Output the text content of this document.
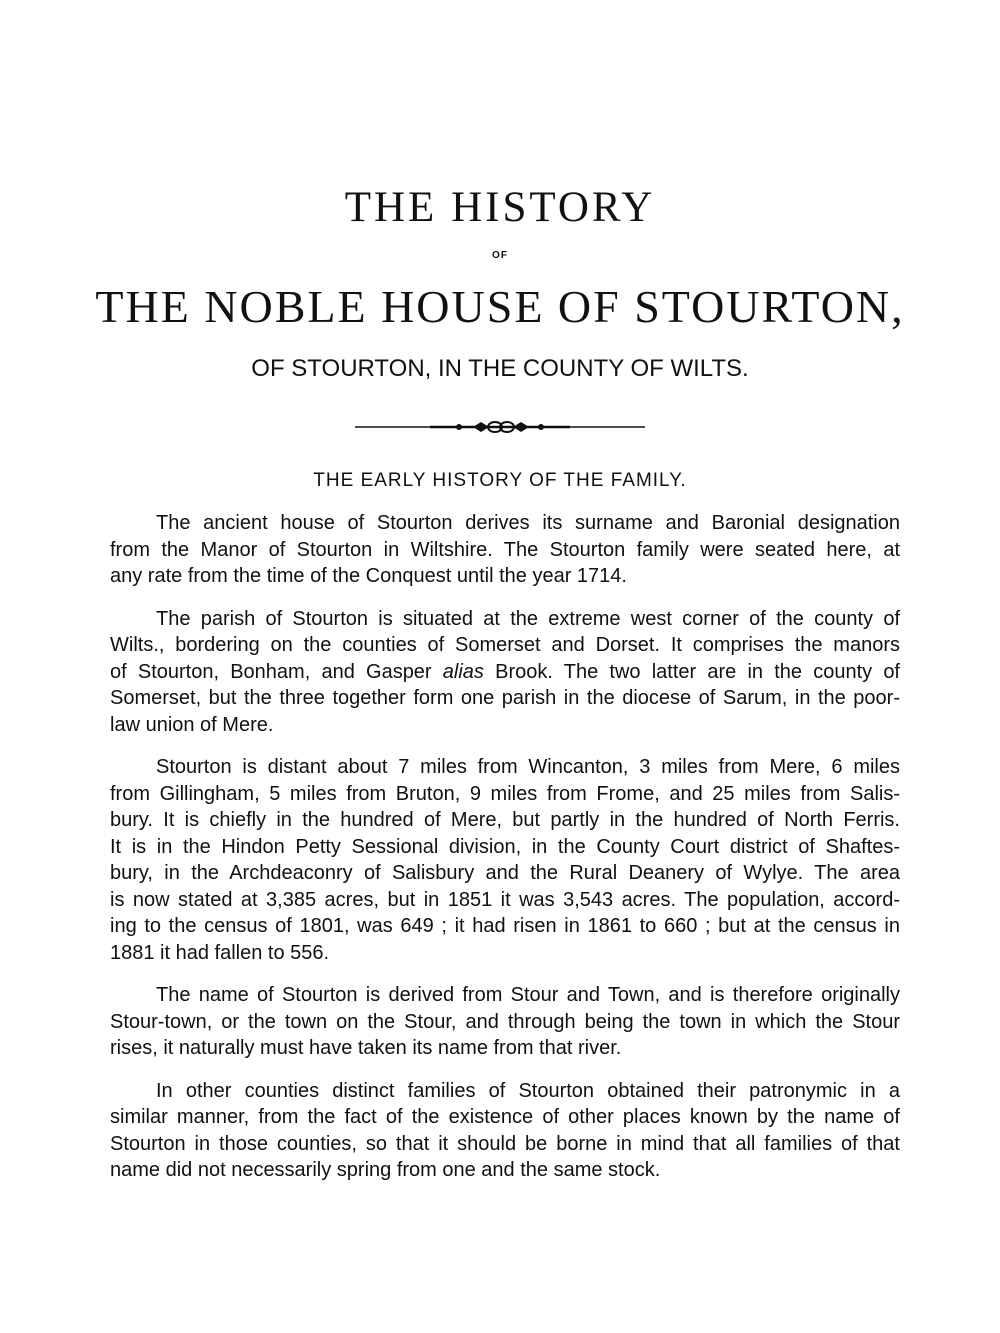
THE HISTORY
OF
THE NOBLE HOUSE OF STOURTON,
OF STOURTON, IN THE COUNTY OF WILTS.
THE EARLY HISTORY OF THE FAMILY.

The ancient house of Stourton derives its surname and Baronial designation
from the Manor of Stourton in Wiltshire. The Stourton family were seated here, at
any rate from the time of the Conquest until the year 1714.

The parish of Stourton is situated at the extreme west corner of the county of
Wilts., bordering on the counties of Somerset and Dorset. It comprises the manors
of Stourton, Bonham, and Gasper alias Brook. The two latter are in the county of
Somerset, but the three together form one parish in the diocese of Sarum, in the poor-
law union of Mere.

Stourton is distant about 7 miles from Wincanton, 3 miles from Mere, 6 miles
from Gillingham, 5 miles from Bruton, 9 miles from Frome, and 25 miles from Salis-
bury. It is chiefly in the hundred of Mere, but partly in the hundred of North Ferris.
It is in the Hindon Petty Sessional division, in the County Court district of Shaftes-
bury, in the Archdeaconry of Salisbury and the Rural Deanery of Wylye. The area
is now stated at 3,385 acres, but in 1851 it was 3,543 acres. The population, accord-
ing to the census of 1801, was 649 ; it had risen in 1861 to 660 ; but at the census in
1881 it had fallen to 556.

The name of Stourton is derived from Stour and Town, and is therefore originally
Stour-town, or the town on the Stour, and through being the town in which the Stour
rises, it naturally must have taken its name from that river.

In other counties distinct families of Stourton obtained their patronymic in a
similar manner, from the fact of the existence of other places known by the name of
Stourton in those counties, so that it should be borne in mind that all families of that
name did not necessarily spring from one and the same stock.
